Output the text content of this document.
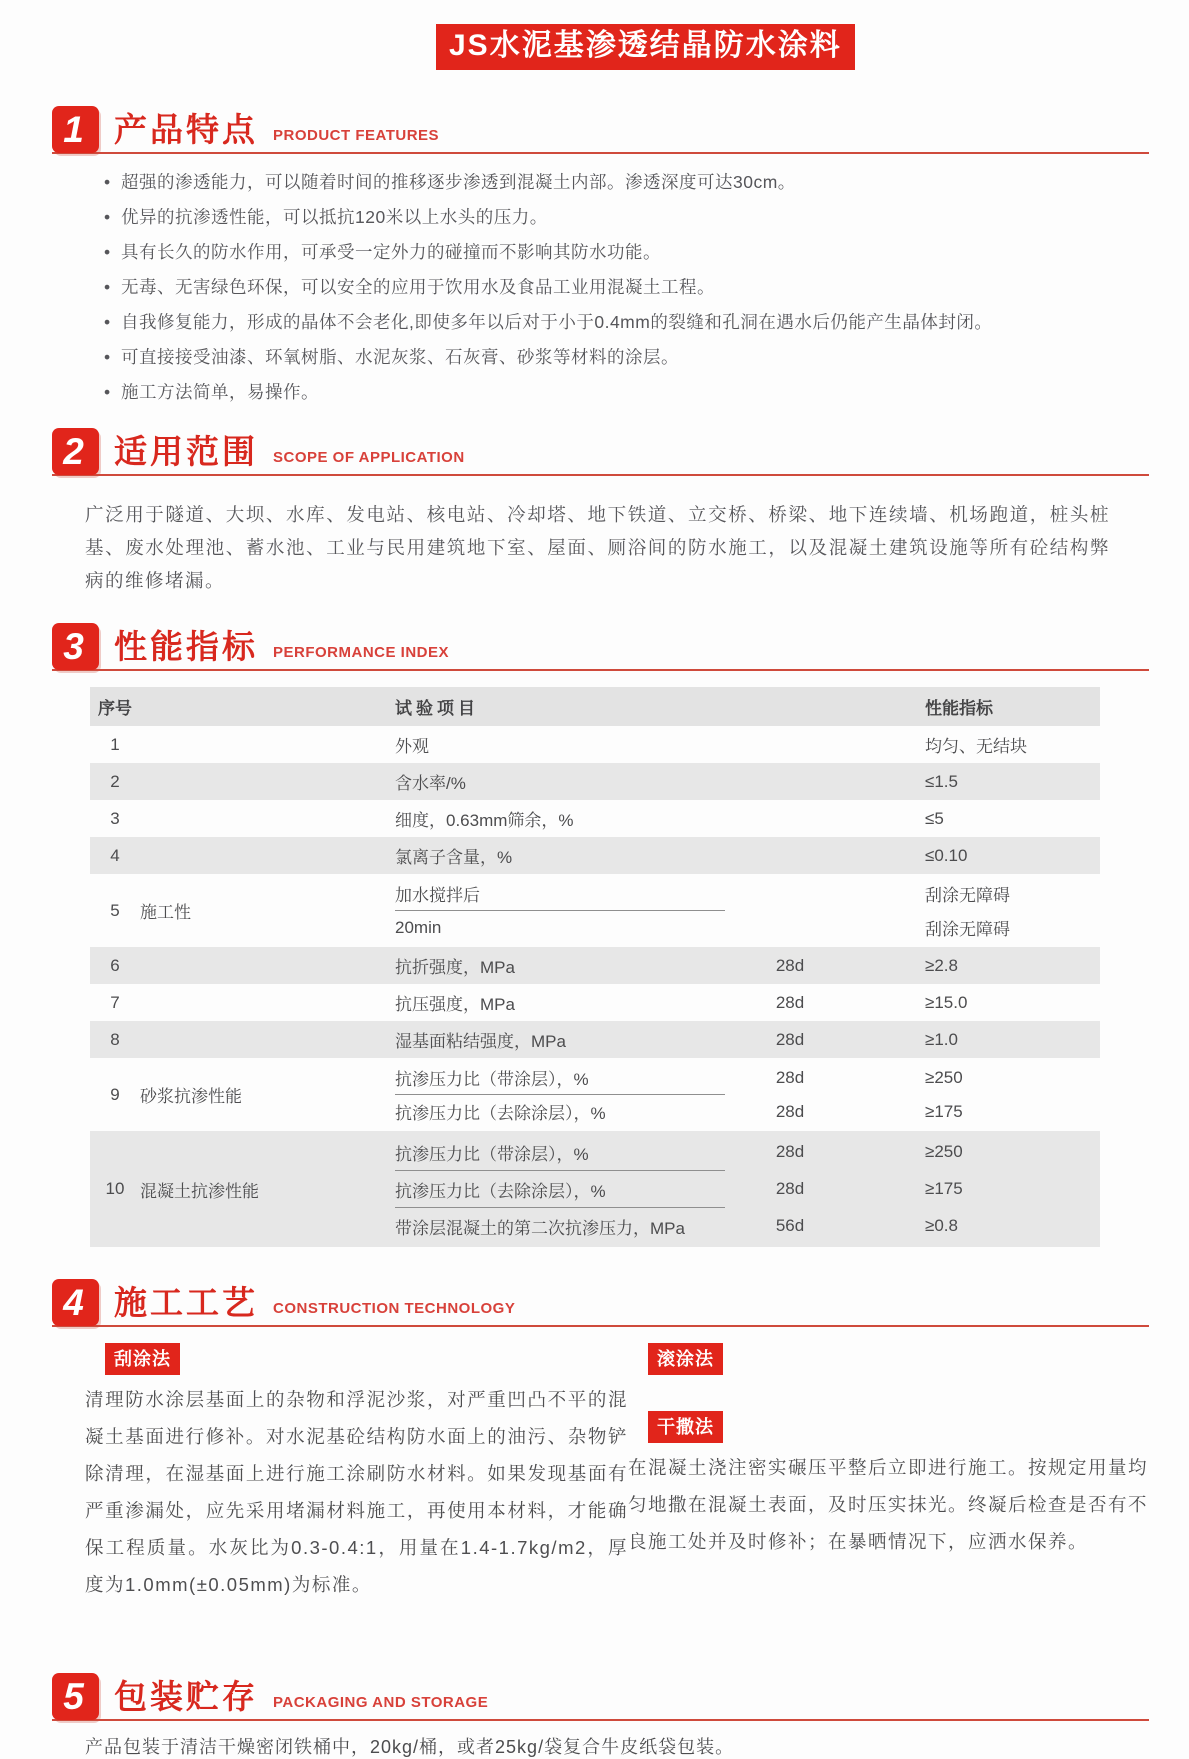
JS水泥基渗透结晶防水涂料
1 产品特点 PRODUCT FEATURES
• 超强的渗透能力，可以随着时间的推移逐步渗透到混凝土内部。渗透深度可达30cm。
• 优异的抗渗透性能，可以抵抗120米以上水头的压力。
• 具有长久的防水作用，可承受一定外力的碰撞而不影响其防水功能。
• 无毒、无害绿色环保，可以安全的应用于饮用水及食品工业用混凝土工程。
• 自我修复能力，形成的晶体不会老化,即使多年以后对于小于0.4mm的裂缝和孔洞在遇水后仍能产生晶体封闭。
• 可直接接受油漆、环氧树脂、水泥灰浆、石灰膏、砂浆等材料的涂层。
• 施工方法简单，易操作。
2 适用范围 SCOPE OF APPLICATION

广泛用于隧道、大坝、水库、发电站、核电站、冷却塔、地下铁道、立交桥、桥梁、地下连续墙、机场跑道，桩头桩基、废水处理池、蓄水池、工业与民用建筑地下室、屋面、厕浴间的防水施工，以及混凝土建筑设施等所有砼结构弊病的维修堵漏。

3 性能指标 PERFORMANCE INDEX
序号	试验项目	性能指标
1	外观	均匀、无结块
2	含水率/%	≤1.5
3	细度，0.63mm筛余，%	≤5
4	氯离子含量，%	≤0.10
5	施工性
加水搅拌后	刮涂无障碍
20min	刮涂无障碍
6	抗折强度，MPa	28d	≥2.8
7	抗压强度，MPa	28d	≥15.0
8	湿基面粘结强度，MPa	28d	≥1.0
9	砂浆抗渗性能
抗渗压力比（带涂层），%	28d	≥250
抗渗压力比（去除涂层），%	28d	≥175
10 混凝土抗渗性能
抗渗压力比（带涂层），%	28d	≥250
抗渗压力比（去除涂层），%	28d	≥175
带涂层混凝土的第二次抗渗压力，MPa	56d	≥0.8
4 施工工艺 CONSTRUCTION TECHNOLOGY
刮涂法
清理防水涂层基面上的杂物和浮泥沙浆，对严重凹凸不平的混凝土基面进行修补。对水泥基砼结构防水面上的油污、杂物铲除清理，在湿基面上进行施工涂刷防水材料。如果发现基面有严重渗漏处，应先采用堵漏材料施工，再使用本材料，才能确保工程质量。水灰比为0.3-0.4:1，用量在1.4-1.7kg/m2，厚度为1.0mm(±0.05mm)为标准。
滚涂法
干撒法
在混凝土浇注密实碾压平整后立即进行施工。按规定用量均匀地撒在混凝土表面，及时压实抹光。终凝后检查是否有不良施工处并及时修补；在暴晒情况下，应洒水保养。
5 包装贮存 PACKAGING AND STORAGE

产品包装于清洁干燥密闭铁桶中，20kg/桶，或者25kg/袋复合牛皮纸袋包装。
